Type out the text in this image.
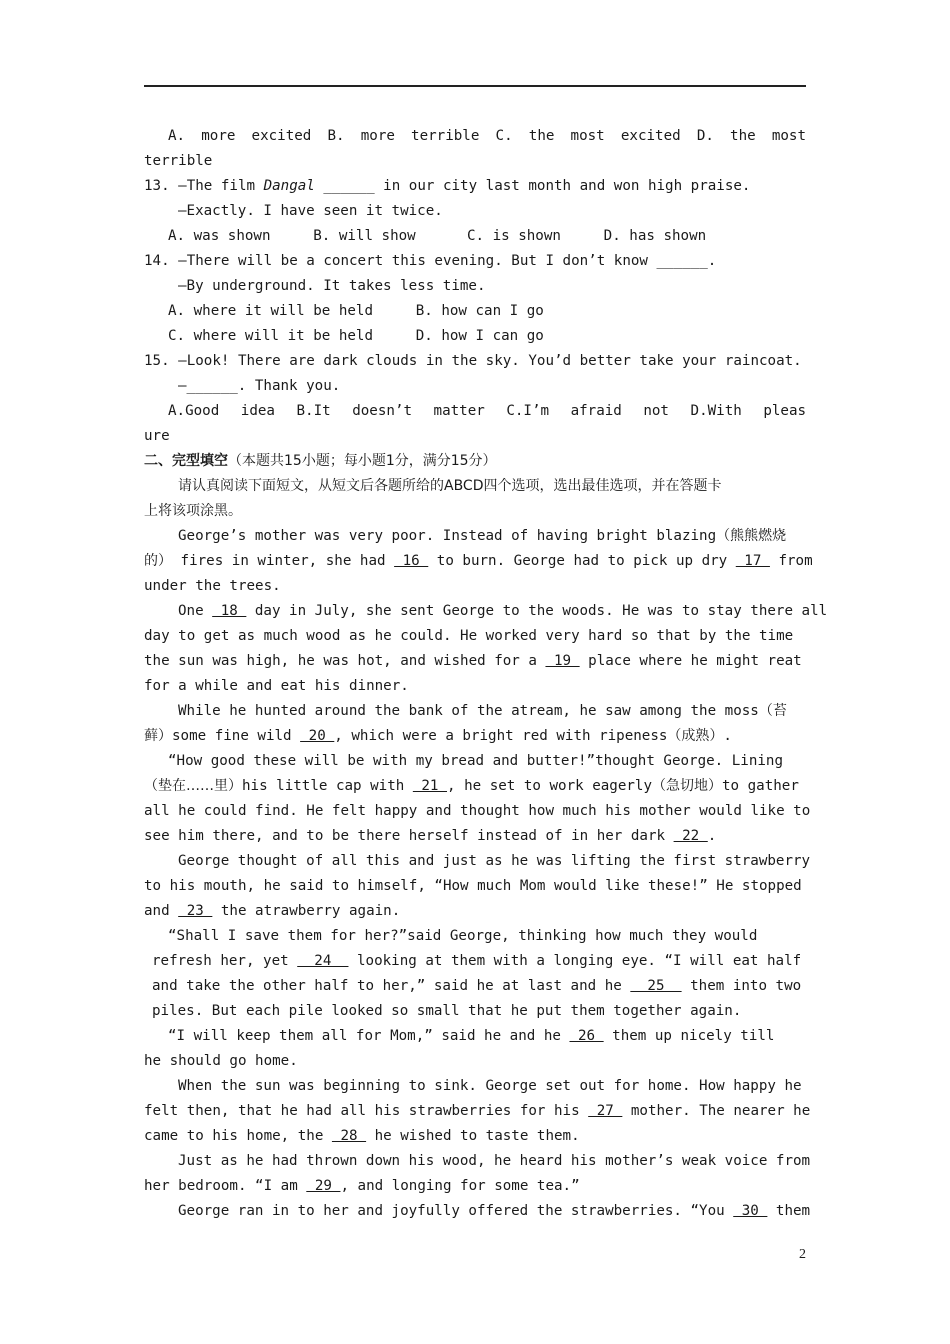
A. more excited B. more terrible C. the most excited D. the most
terrible
13. —The film Dangal ______ in our city last month and won high praise.
—Exactly. I have seen it twice.
A. was shown	B. will show	C. is shown	D. has shown
14. —There will be a concert this evening. But I don’t know ______.
—By underground. It takes less time.
A. where it will be held	B. how can I go
C. where will it be held	D. how I can go
15. —Look! There are dark clouds in the sky. You’d better take your raincoat.
—______. Thank you.
A.Good idea B.It doesn’t matter C.I’m afraid not D.With pleas
ure
二、完型填空（本题共15小题；每小题1分，满分15分）
请认真阅读下面短文，从短文后各题所给的ABCD四个选项，选出最佳选项，并在答题卡
上将该项涂黑。
George’s mother was very poor. Instead of having bright blazing（熊熊燃烧
的） fires in winter, she had  16  to burn. George had to pick up dry  17  from
under the trees.
One  18  day in July, she sent George to the woods. He was to stay there all
day to get as much wood as he could. He worked very hard so that by the time
the sun was high, he was hot, and wished for a  19  place where he might reat
for a while and eat his dinner.
While he hunted around the bank of the atream, he saw among the moss（苔
藓）some fine wild  20 , which were a bright red with ripeness（成熟）.
“How good these will be with my bread and butter!”thought George. Lining
（垫在……里）his little cap with  21 , he set to work eagerly（急切地）to gather
all he could find. He felt happy and thought how much his mother would like to
see him there, and to be there herself instead of in her dark  22 .
George thought of all this and just as he was lifting the first strawberry
to his mouth, he said to himself, “How much Mom would like these!” He stopped
and  23  the atrawberry again.
“Shall I save them for her?”said George, thinking how much they would
refresh her, yet   24   looking at them with a longing eye. “I will eat half
and take the other half to her,” said he at last and he   25   them into two
piles. But each pile looked so small that he put them together again.
“I will keep them all for Mom,” said he and he  26  them up nicely till
he should go home.
When the sun was beginning to sink. George set out for home. How happy he
felt then, that he had all his strawberries for his  27  mother. The nearer he
came to his home, the  28  he wished to taste them.
Just as he had thrown down his wood, he heard his mother’s weak voice from
her bedroom. “I am  29 , and longing for some tea.”
George ran in to her and joyfully offered the strawberries. “You  30  them
2
